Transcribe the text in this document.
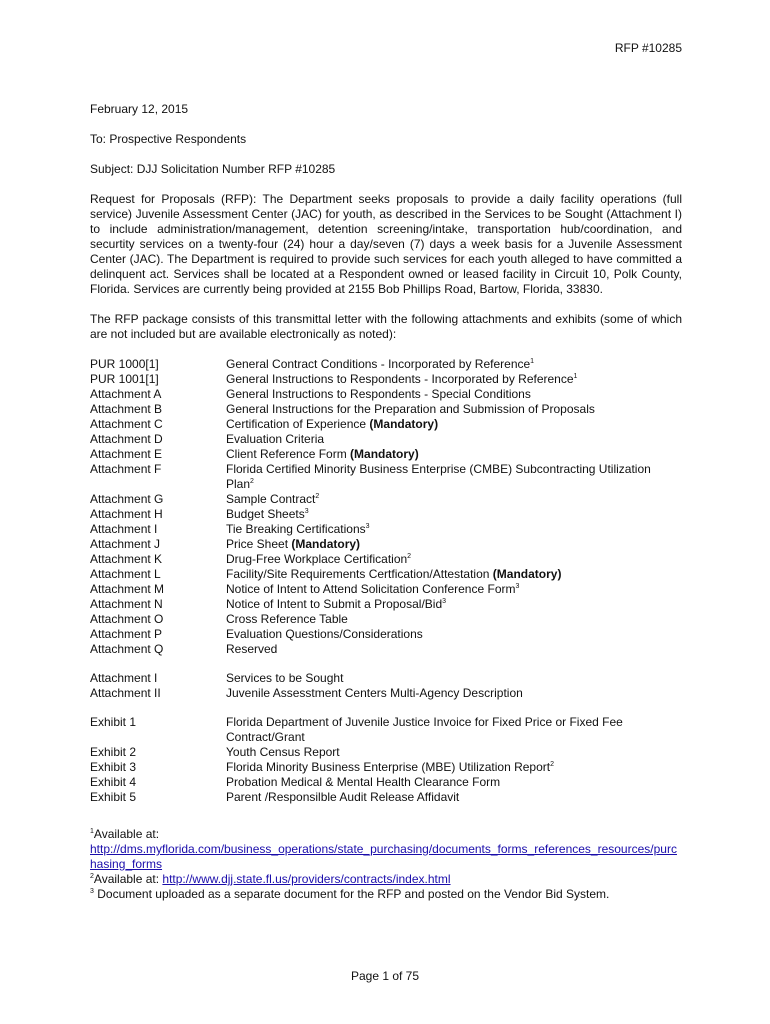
RFP #10285

February 12, 2015

To: Prospective Respondents

Subject: DJJ Solicitation Number RFP #10285

Request for Proposals (RFP): The Department seeks proposals to provide a daily facility operations (full service) Juvenile Assessment Center (JAC) for youth, as described in the Services to be Sought (Attachment I) to include administration/management, detention screening/intake, transportation hub/coordination, and securtity services on a twenty-four (24) hour a day/seven (7) days a week basis for a Juvenile Assessment Center (JAC). The Department is required to provide such services for each youth alleged to have committed a delinquent act. Services shall be located at a Respondent owned or leased facility in Circuit 10, Polk County, Florida. Services are currently being provided at 2155 Bob Phillips Road, Bartow, Florida, 33830.

The RFP package consists of this transmittal letter with the following attachments and exhibits (some of which are not included but are available electronically as noted):

PUR 1000[1]	General Contract Conditions - Incorporated by Reference$^1$
PUR 1001[1]	General Instructions to Respondents - Incorporated by Reference$^1$
Attachment A	General Instructions to Respondents - Special Conditions
Attachment B	General Instructions for the Preparation and Submission of Proposals
Attachment C	Certification of Experience (Mandatory)
Attachment D	Evaluation Criteria
Attachment E	Client Reference Form (Mandatory)
Attachment F	Florida Certified Minority Business Enterprise (CMBE) Subcontracting Utilization Plan$^2$
Attachment G	Sample Contract$^2$
Attachment H	Budget Sheets$^3$
Attachment I	Tie Breaking Certifications$^3$
Attachment J	Price Sheet (Mandatory)
Attachment K	Drug-Free Workplace Certification$^2$
Attachment L	Facility/Site Requirements Certfication/Attestation (Mandatory)
Attachment M	Notice of Intent to Attend Solicitation Conference Form$^3$
Attachment N	Notice of Intent to Submit a Proposal/Bid$^3$
Attachment O	Cross Reference Table
Attachment P	Evaluation Questions/Considerations
Attachment Q	Reserved
Attachment I	Services to be Sought
Attachment II	Juvenile Assesstment Centers Multi-Agency Description
Exhibit 1	Florida Department of Juvenile Justice Invoice for Fixed Price or Fixed Fee Contract/Grant
Exhibit 2	Youth Census Report
Exhibit 3	Florida Minority Business Enterprise (MBE) Utilization Report$^2$
Exhibit 4	Probation Medical & Mental Health Clearance Form
Exhibit 5	Parent /Responsilble Audit Release Affidavit

$^1$Available at:
http://dms.myflorida.com/business_operations/state_purchasing/documents_forms_references_resources/purchasing_forms

$^2$Available at: http://www.djj.state.fl.us/providers/contracts/index.html

$^3$ Document uploaded as a separate document for the RFP and posted on the Vendor Bid System.

Page 1 of 75
